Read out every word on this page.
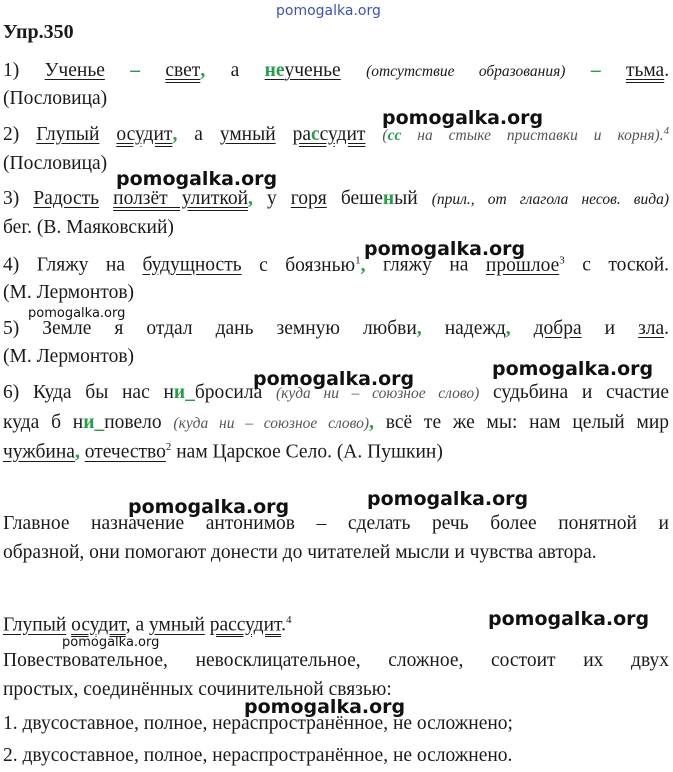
pomogalka.org
pomogalka.org
pomogalka.org
pomogalka.org
pomogalka.org
pomogalka.org
pomogalka.org
pomogalka.org
pomogalka.org
pomogalka.org
pomogalka.org
pomogalka.org
Упр.350
1) Ученье – свет, а неученье (отсутствие образования) – тьма.
(Пословица)
2) Глупый осудит, а умный рассудит (сс на стыке приставки и корня).$^4$
(Пословица)
3) Радость ползёт улиткой, у горя бешеный (прил., от глагола несов. вида)
бег. (В. Маяковский)
4) Гляжу на будущность с боязнью$^1$, гляжу на прошлое$^3$ с тоской.
(М. Лермонтов)
5) Земле я отдал дань земную любви, надежд, добра и зла.
(М. Лермонтов)
6) Куда бы нас ни_бросила (куда ни – союзное слово) судьбина и счастие
куда б ни_повело (куда ни – союзное слово), всё те же мы: нам целый мир
чужбина, отечество$^2$ нам Царское Село. (А. Пушкин)
Главное назначение антонимов – сделать речь более понятной и
образной, они помогают донести до читателей мысли и чувства автора.
Глупый осудит, а умный рассудит.$^4$
Повествовательное, невосклицательное, сложное, состоит их двух
простых, соединённых сочинительной связью:
1. двусоставное, полное, нераспространённое, не осложнено;
2. двусоставное, полное, нераспространённое, не осложнено.
